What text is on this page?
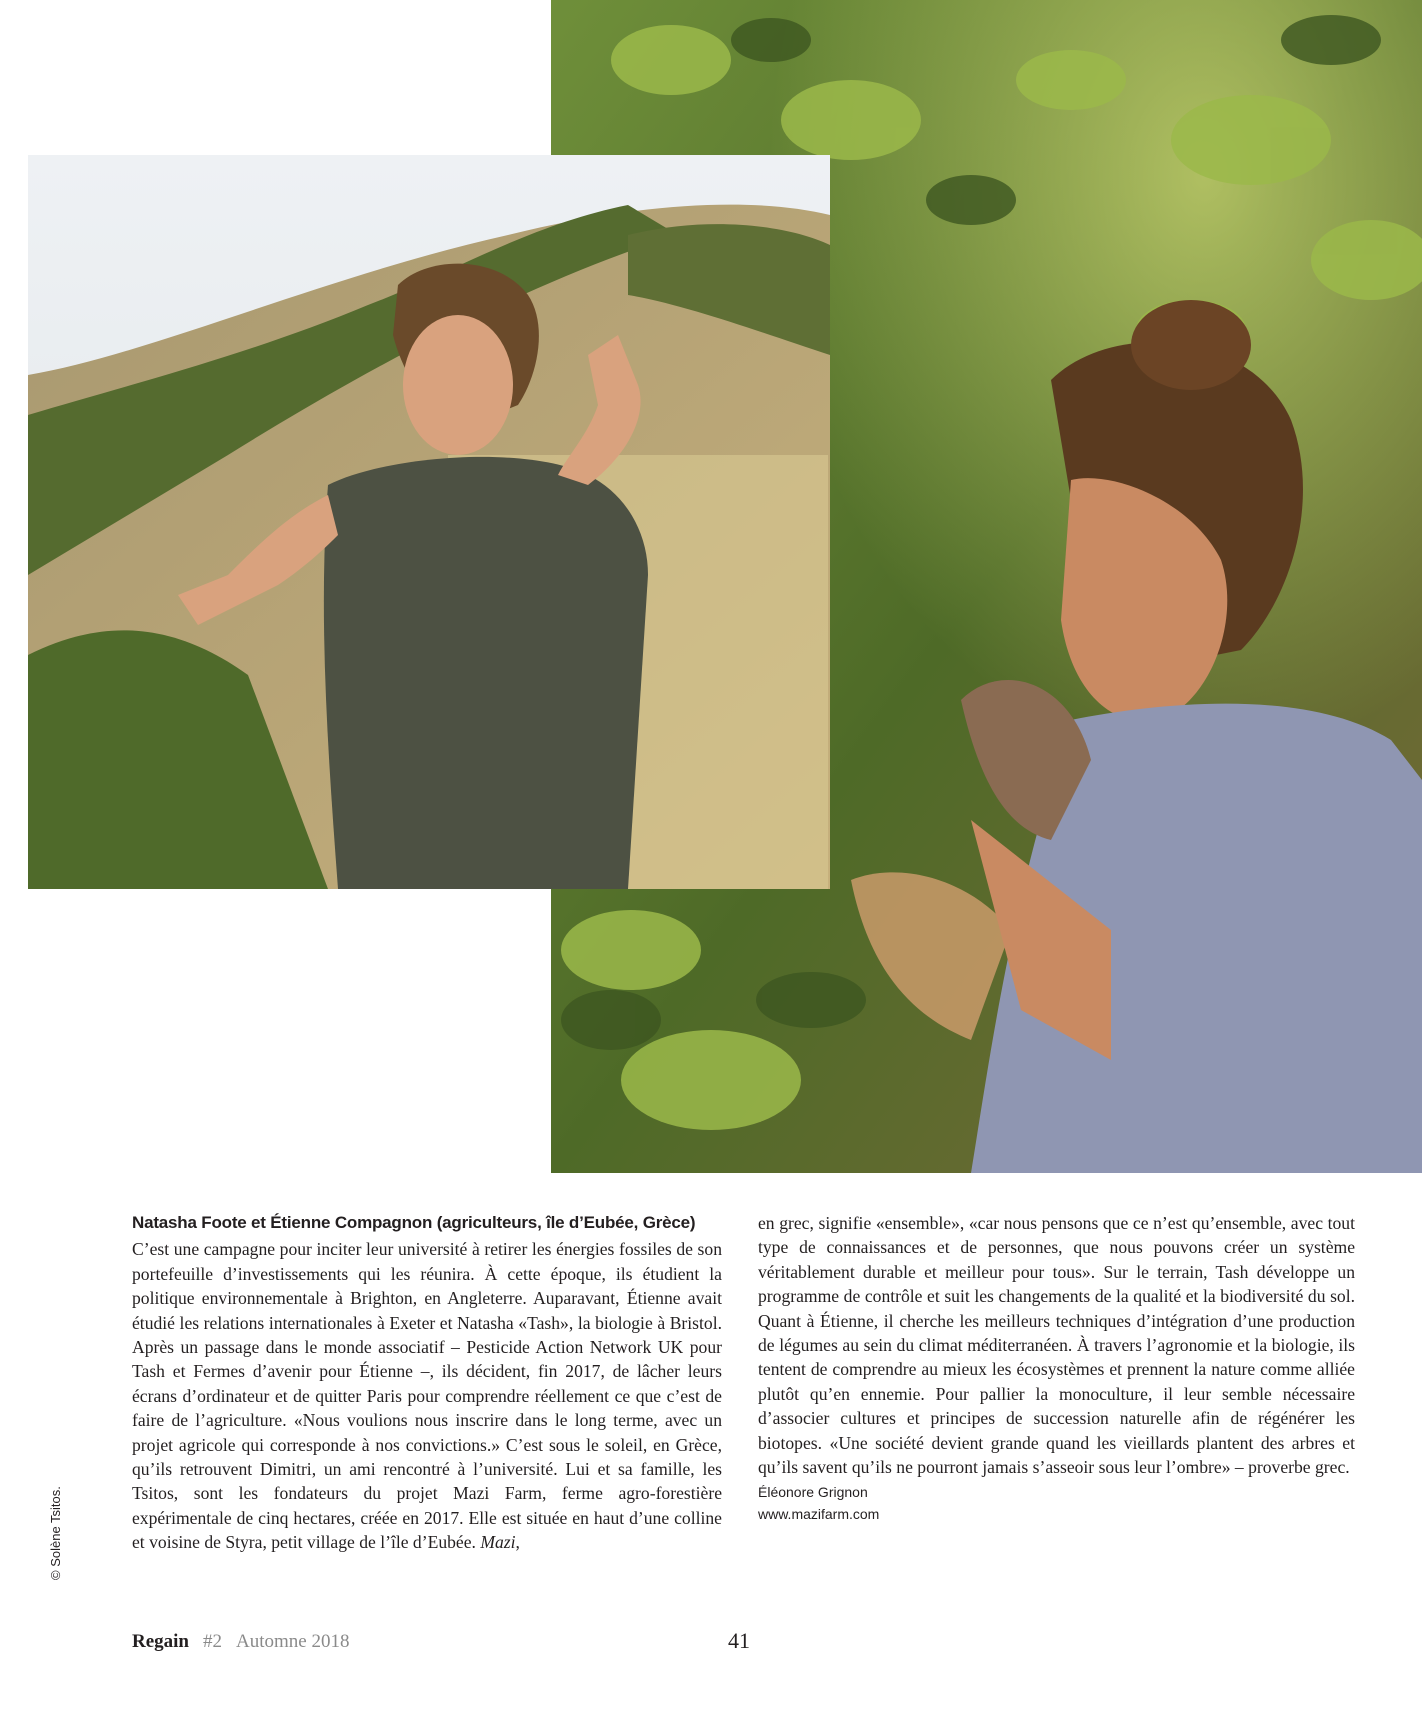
© Solène Tsitos.
Natasha Foote et Étienne Compagnon (agriculteurs, île d’Eubée, Grèce)

C’est une campagne pour inciter leur université à retirer les énergies fossiles de son portefeuille d’investissements qui les réunira. À cette époque, ils étudient la politique environnementale à Brighton, en Angleterre. Auparavant, Étienne avait étudié les relations internationales à Exeter et Natasha «Tash», la biologie à Bristol. Après un passage dans le monde associatif – Pesticide Action Network UK pour Tash et Fermes d’avenir pour Étienne –, ils décident, fin 2017, de lâcher leurs écrans d’ordinateur et de quitter Paris pour comprendre réellement ce que c’est de faire de l’agriculture. «Nous voulions nous inscrire dans le long terme, avec un projet agricole qui corresponde à nos convictions.» C’est sous le soleil, en Grèce, qu’ils retrouvent Dimitri, un ami rencontré à l’université. Lui et sa famille, les Tsitos, sont les fondateurs du projet Mazi Farm, ferme agro-forestière expérimentale de cinq hectares, créée en 2017. Elle est située en haut d’une colline et voisine de Styra, petit village de l’île d’Eubée. Mazi,

en grec, signifie «ensemble», «car nous pensons que ce n’est qu’ensemble, avec tout type de connaissances et de personnes, que nous pouvons créer un système véritablement durable et meilleur pour tous». Sur le terrain, Tash développe un programme de contrôle et suit les changements de la qualité et la biodiversité du sol. Quant à Étienne, il cherche les meilleurs techniques d’intégration d’une production de légumes au sein du climat méditerranéen. À travers l’agronomie et la biologie, ils tentent de comprendre au mieux les écosystèmes et prennent la nature comme alliée plutôt qu’en ennemie. Pour pallier la monoculture, il leur semble nécessaire d’associer cultures et principes de succession naturelle afin de régénérer les biotopes. «Une société devient grande quand les vieillards plantent des arbres et qu’ils savent qu’ils ne pourront jamais s’asseoir sous leur l’ombre» – proverbe grec.

Éléonore Grignon
www.mazifarm.com
Regain #2 Automne 2018	41
